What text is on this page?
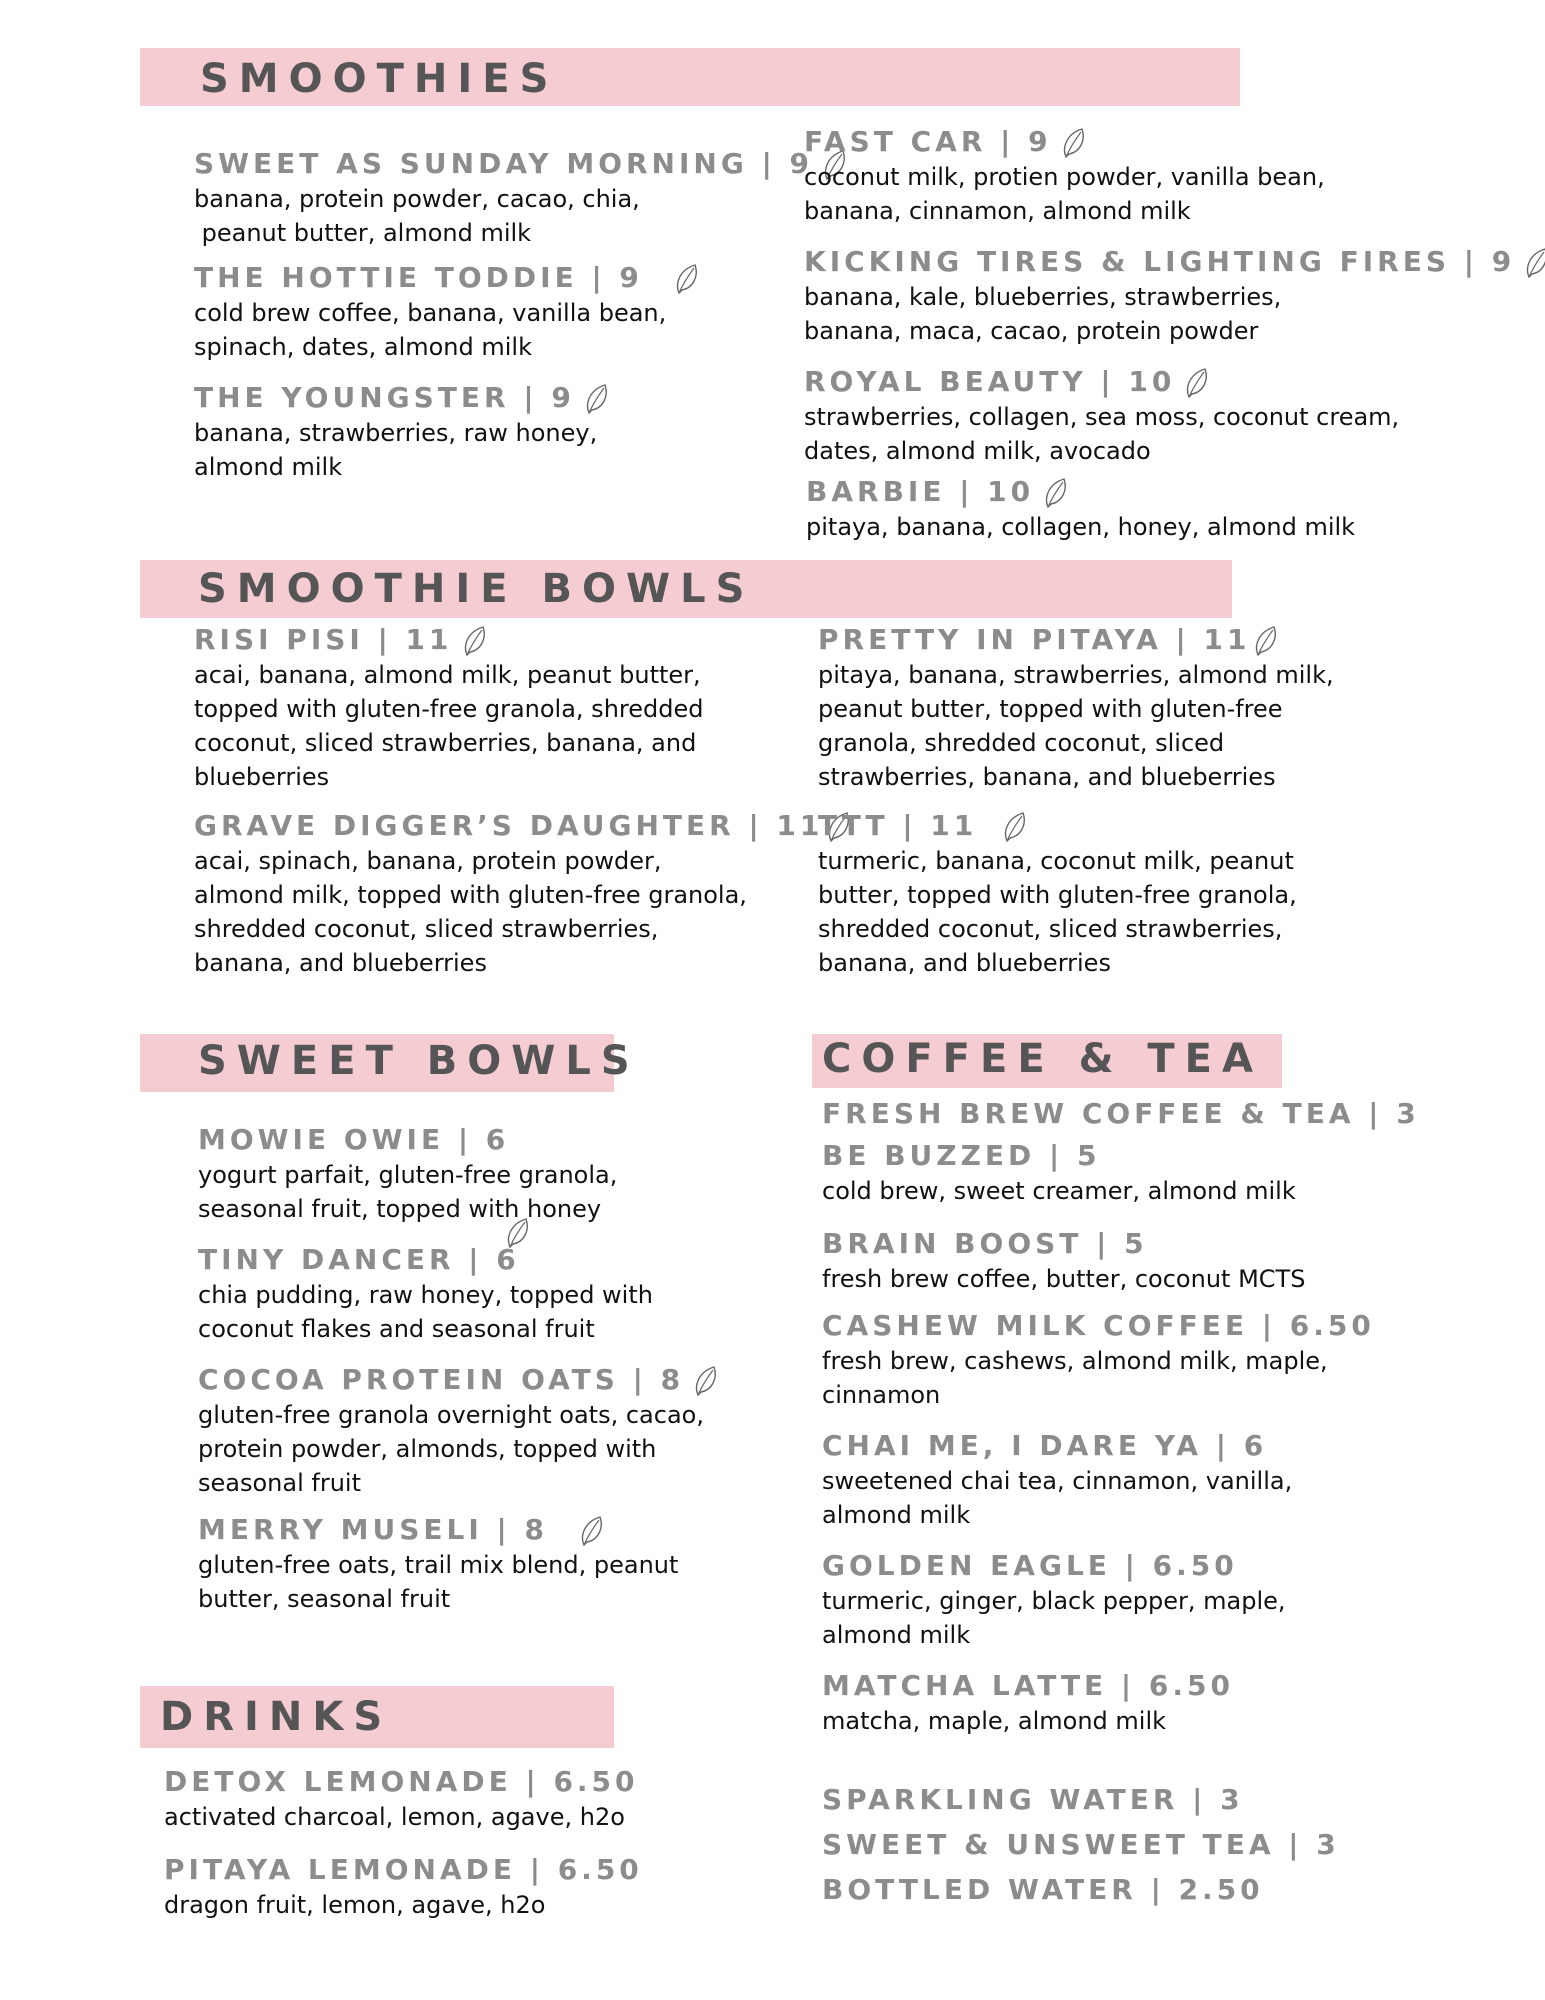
SMOOTHIES
SWEET AS SUNDAY MORNING | 9
banana, protein powder, cacao, chia,
peanut butter, almond milk
THE HOTTIE TODDIE | 9
cold brew coffee, banana, vanilla bean,
spinach, dates, almond milk
THE YOUNGSTER | 9
banana, strawberries, raw honey,
almond milk
FAST CAR | 9
coconut milk, protien powder, vanilla bean,
banana, cinnamon, almond milk
KICKING TIRES & LIGHTING FIRES | 9
banana, kale, blueberries, strawberries,
banana, maca, cacao, protein powder
ROYAL BEAUTY | 10
strawberries, collagen, sea moss, coconut cream,
dates, almond milk, avocado
BARBIE | 10
pitaya, banana, collagen, honey, almond milk
SMOOTHIE BOWLS
RISI PISI | 11
acai, banana, almond milk, peanut butter,
topped with gluten-free granola, shredded
coconut, sliced strawberries, banana, and
blueberries
GRAVE DIGGER’S DAUGHTER | 11
acai, spinach, banana, protein powder,
almond milk, topped with gluten-free granola,
shredded coconut, sliced strawberries,
banana, and blueberries
PRETTY IN PITAYA | 11
pitaya, banana, strawberries, almond milk,
peanut butter, topped with gluten-free
granola, shredded coconut, sliced
strawberries, banana, and blueberries
TTT | 11
turmeric, banana, coconut milk, peanut
butter, topped with gluten-free granola,
shredded coconut, sliced strawberries,
banana, and blueberries
SWEET BOWLS
MOWIE OWIE | 6
yogurt parfait, gluten-free granola,
seasonal fruit, topped with honey
TINY DANCER | 6
chia pudding, raw honey, topped with
coconut flakes and seasonal fruit
COCOA PROTEIN OATS | 8
gluten-free granola overnight oats, cacao,
protein powder, almonds, topped with
seasonal fruit
MERRY MUSELI | 8
gluten-free oats, trail mix blend, peanut
butter, seasonal fruit
DRINKS
DETOX LEMONADE | 6.50
activated charcoal, lemon, agave, h2o
PITAYA LEMONADE | 6.50
dragon fruit, lemon, agave, h2o
COFFEE & TEA
FRESH BREW COFFEE & TEA | 3
BE BUZZED | 5
cold brew, sweet creamer, almond milk
BRAIN BOOST | 5
fresh brew coffee, butter, coconut MCTS
CASHEW MILK COFFEE | 6.50
fresh brew, cashews, almond milk, maple,
cinnamon
CHAI ME, I DARE YA | 6
sweetened chai tea, cinnamon, vanilla,
almond milk
GOLDEN EAGLE | 6.50
turmeric, ginger, black pepper, maple,
almond milk
MATCHA LATTE | 6.50
matcha, maple, almond milk
SPARKLING WATER | 3
SWEET & UNSWEET TEA | 3
BOTTLED WATER | 2.50
